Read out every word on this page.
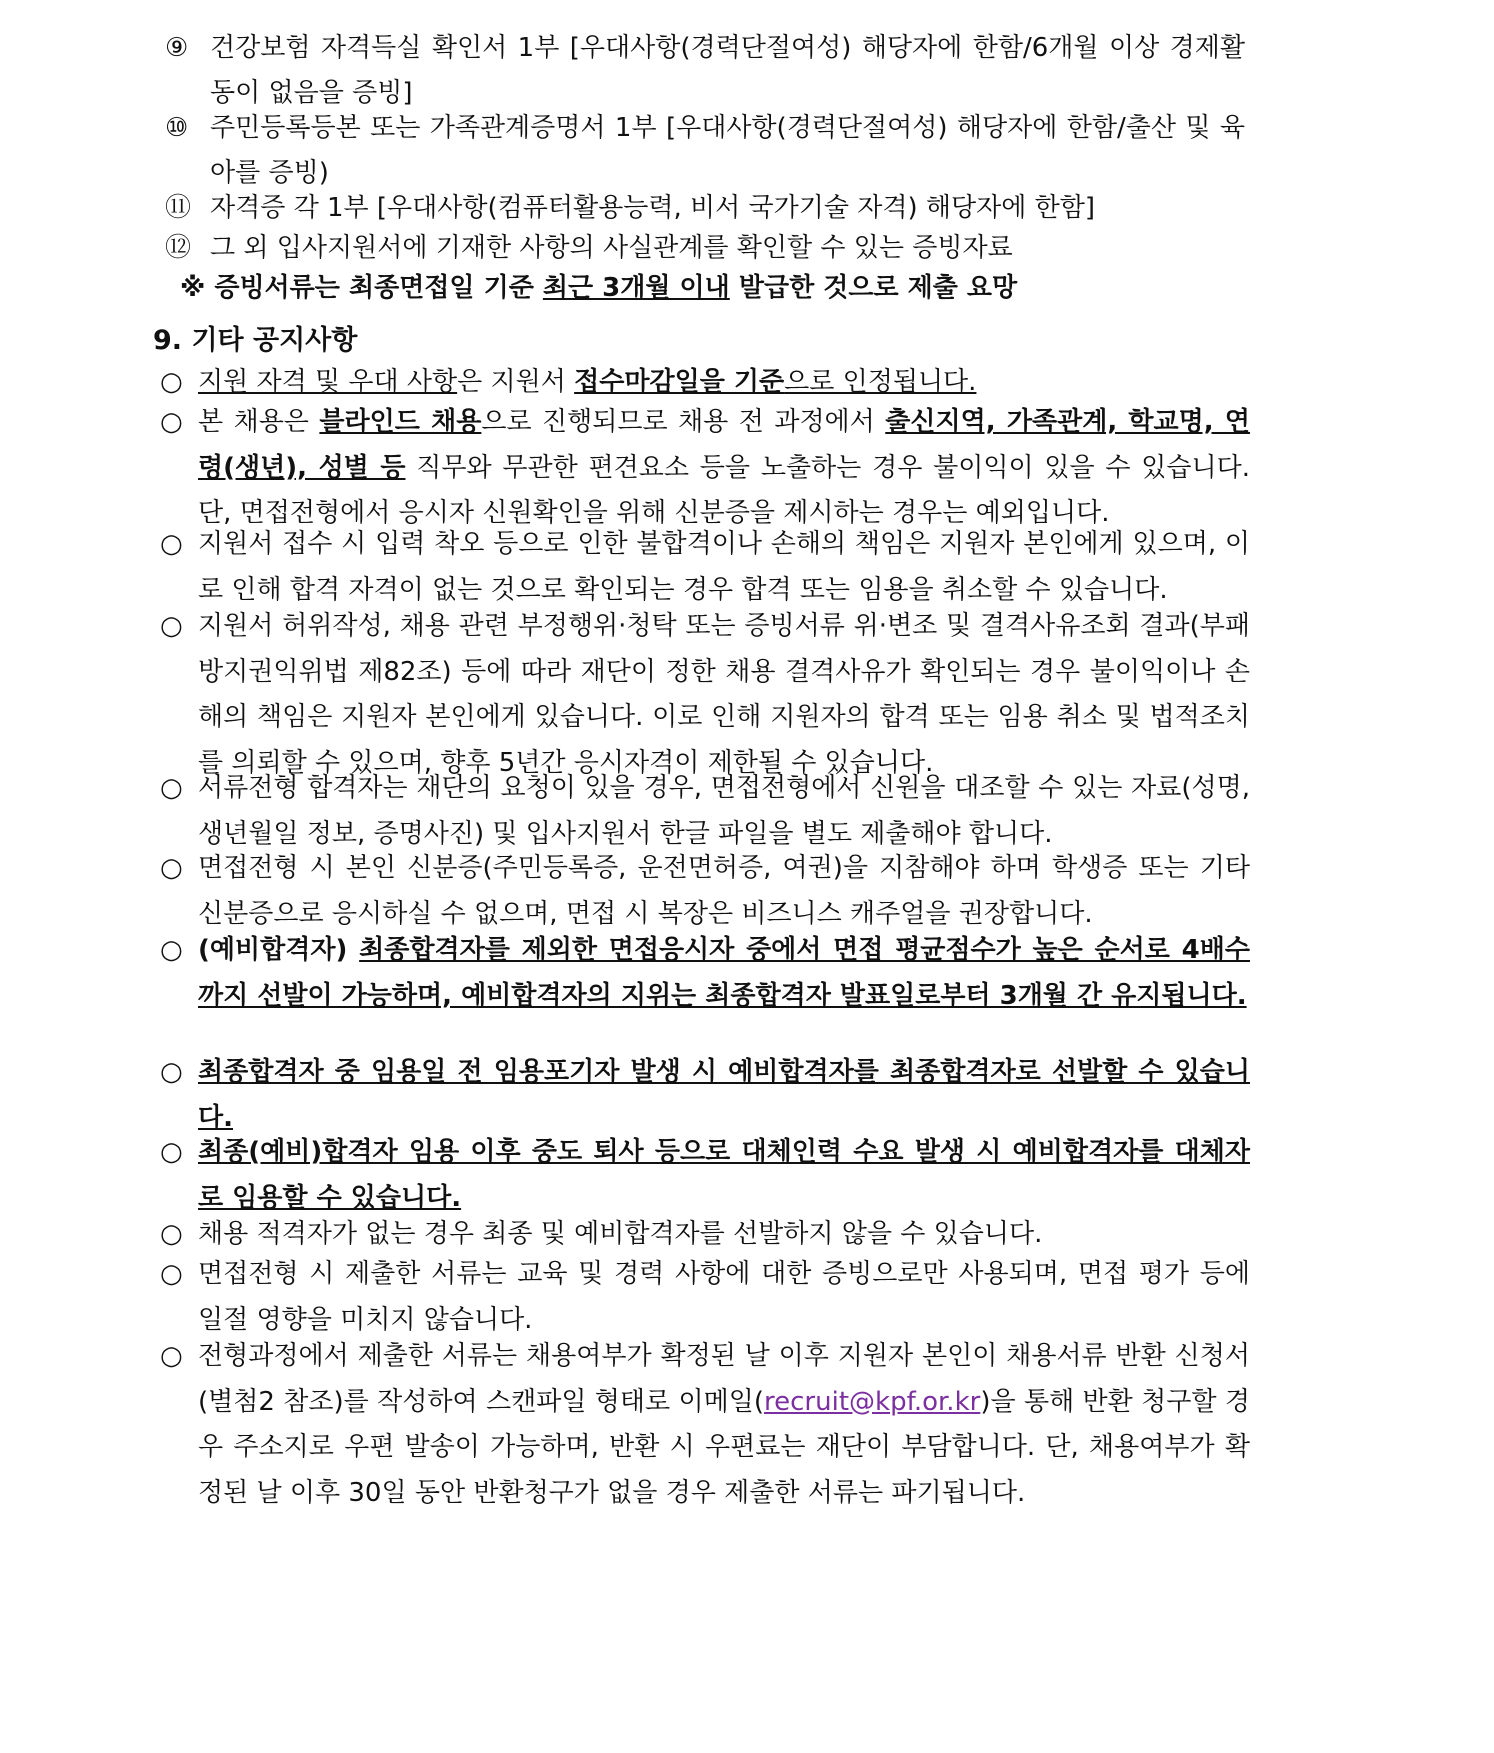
⑨ 건강보험 자격득실 확인서 1부 [우대사항(경력단절여성) 해당자에 한함/6개월 이상 경제활동이 없음을 증빙]
⑩ 주민등록등본 또는 가족관계증명서 1부 [우대사항(경력단절여성) 해당자에 한함/출산 및 육아를 증빙)
⑪ 자격증 각 1부 [우대사항(컴퓨터활용능력, 비서 국가기술 자격) 해당자에 한함]
⑫ 그 외 입사지원서에 기재한 사항의 사실관계를 확인할 수 있는 증빙자료
※ 증빙서류는 최종면접일 기준 최근 3개월 이내 발급한 것으로 제출 요망
9. 기타 공지사항
○ 지원 자격 및 우대 사항은 지원서 접수마감일을 기준으로 인정됩니다.
○ 본 채용은 블라인드 채용으로 진행되므로 채용 전 과정에서 출신지역, 가족관계, 학교명, 연령(생년), 성별 등 직무와 무관한 편견요소 등을 노출하는 경우 불이익이 있을 수 있습니다. 단, 면접전형에서 응시자 신원확인을 위해 신분증을 제시하는 경우는 예외입니다.
○ 지원서 접수 시 입력 착오 등으로 인한 불합격이나 손해의 책임은 지원자 본인에게 있으며, 이로 인해 합격 자격이 없는 것으로 확인되는 경우 합격 또는 임용을 취소할 수 있습니다.
○ 지원서 허위작성, 채용 관련 부정행위·청탁 또는 증빙서류 위·변조 및 결격사유조회 결과(부패방지권익위법 제82조) 등에 따라 재단이 정한 채용 결격사유가 확인되는 경우 불이익이나 손해의 책임은 지원자 본인에게 있습니다. 이로 인해 지원자의 합격 또는 임용 취소 및 법적조치를 의뢰할 수 있으며, 향후 5년간 응시자격이 제한될 수 있습니다.
○ 서류전형 합격자는 재단의 요청이 있을 경우, 면접전형에서 신원을 대조할 수 있는 자료(성명, 생년월일 정보, 증명사진) 및 입사지원서 한글 파일을 별도 제출해야 합니다.
○ 면접전형 시 본인 신분증(주민등록증, 운전면허증, 여권)을 지참해야 하며 학생증 또는 기타 신분증으로 응시하실 수 없으며, 면접 시 복장은 비즈니스 캐주얼을 권장합니다.
○ (예비합격자) 최종합격자를 제외한 면접응시자 중에서 면접 평균점수가 높은 순서로 4배수까지 선발이 가능하며, 예비합격자의 지위는 최종합격자 발표일로부터 3개월 간 유지됩니다.
○ 최종합격자 중 임용일 전 임용포기자 발생 시 예비합격자를 최종합격자로 선발할 수 있습니다.
○ 최종(예비)합격자 임용 이후 중도 퇴사 등으로 대체인력 수요 발생 시 예비합격자를 대체자로 임용할 수 있습니다.
○ 채용 적격자가 없는 경우 최종 및 예비합격자를 선발하지 않을 수 있습니다.
○ 면접전형 시 제출한 서류는 교육 및 경력 사항에 대한 증빙으로만 사용되며, 면접 평가 등에 일절 영향을 미치지 않습니다.
○ 전형과정에서 제출한 서류는 채용여부가 확정된 날 이후 지원자 본인이 채용서류 반환 신청서(별첨2 참조)를 작성하여 스캔파일 형태로 이메일(recruit@kpf.or.kr)을 통해 반환 청구할 경우 주소지로 우편 발송이 가능하며, 반환 시 우편료는 재단이 부담합니다. 단, 채용여부가 확정된 날 이후 30일 동안 반환청구가 없을 경우 제출한 서류는 파기됩니다.
